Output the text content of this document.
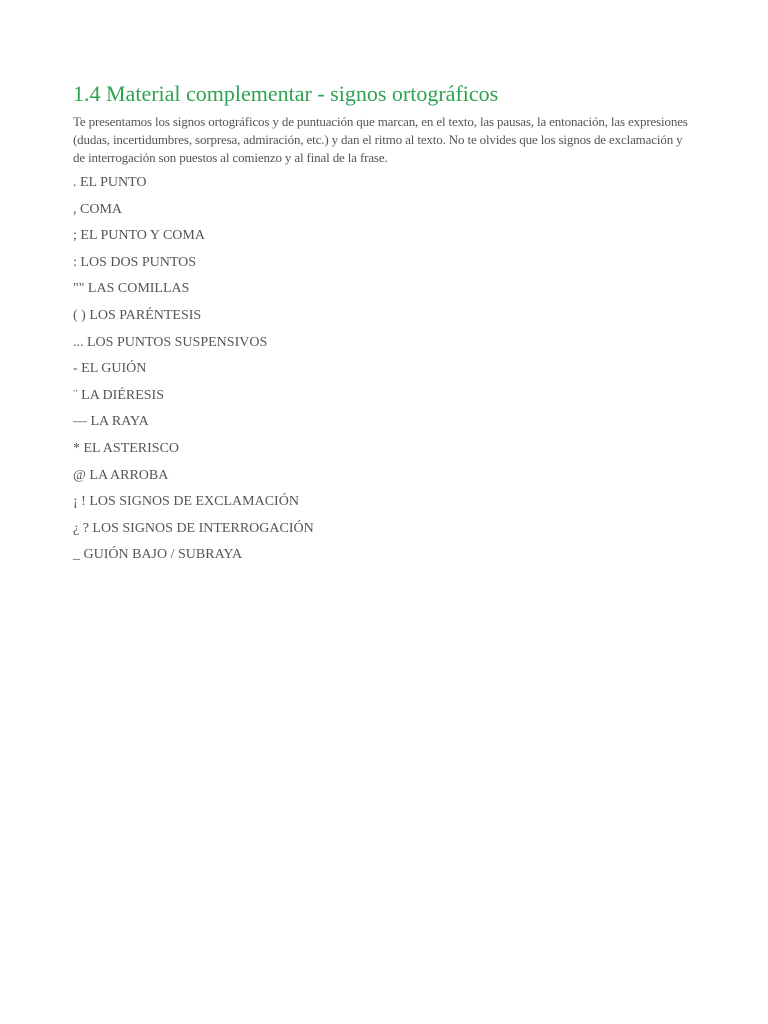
1.4 Material complementar - signos ortográficos

Te presentamos los signos ortográficos y de puntuación que marcan, en el texto, las pausas, la entonación, las expresiones (dudas, incertidumbres, sorpresa, admiración, etc.) y dan el ritmo al texto. No te olvides que los signos de exclamación y de interrogación son puestos al comienzo y al final de la frase.

. EL PUNTO
, COMA
; EL PUNTO Y COMA
: LOS DOS PUNTOS
"" LAS COMILLAS
( ) LOS PARÉNTESIS
... LOS PUNTOS SUSPENSIVOS
- EL GUIÓN
¨ LA DIÉRESIS
— LA RAYA
* EL ASTERISCO
@ LA ARROBA
¡ ! LOS SIGNOS DE EXCLAMACIÓN
¿ ? LOS SIGNOS DE INTERROGACIÓN
_ GUIÓN BAJO / SUBRAYA
